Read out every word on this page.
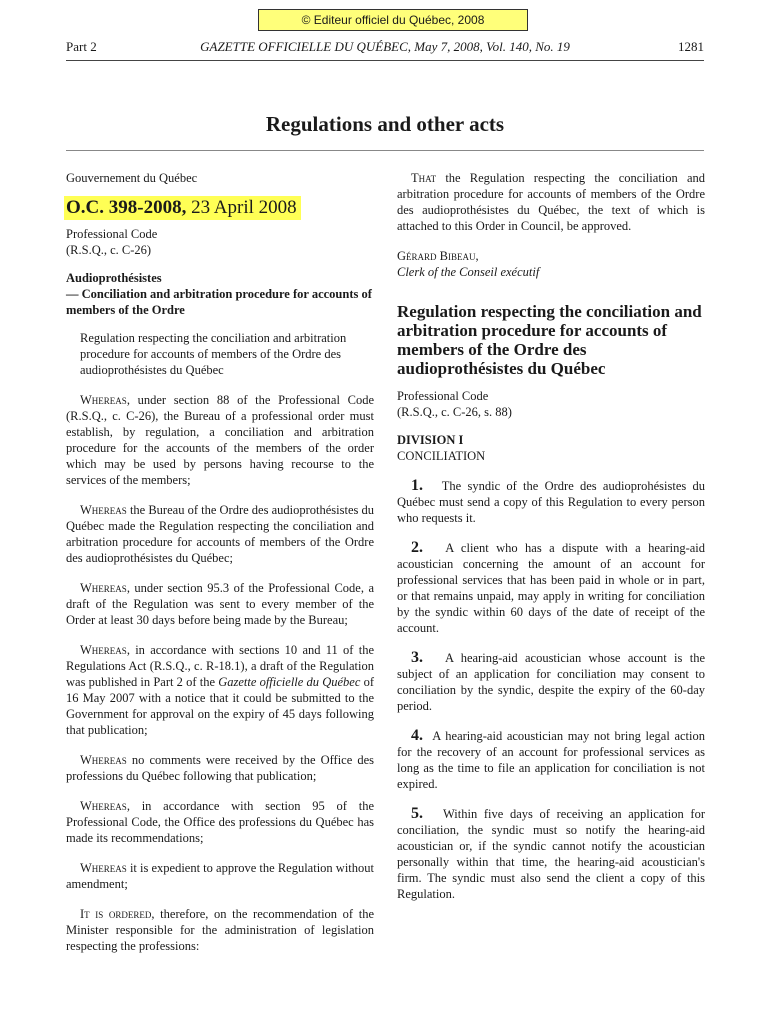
© Editeur officiel du Québec, 2008
Part 2	GAZETTE OFFICIELLE DU QUÉBEC, May 7, 2008, Vol. 140, No. 19	1281
Regulations and other acts

Gouvernement du Québec

O.C. 398-2008, 23 April 2008

Professional Code
(R.S.Q., c. C-26)

Audioprothésistes
— Conciliation and arbitration procedure for accounts of members of the Ordre

Regulation respecting the conciliation and arbitration procedure for accounts of members of the Ordre des audioprothésistes du Québec

Whereas, under section 88 of the Professional Code (R.S.Q., c. C-26), the Bureau of a professional order must establish, by regulation, a conciliation and arbitration procedure for the accounts of the members of the order which may be used by persons having recourse to the services of the members;

Whereas the Bureau of the Ordre des audioprothésistes du Québec made the Regulation respecting the conciliation and arbitration procedure for accounts of members of the Ordre des audioprothésistes du Québec;

Whereas, under section 95.3 of the Professional Code, a draft of the Regulation was sent to every member of the Order at least 30 days before being made by the Bureau;

Whereas, in accordance with sections 10 and 11 of the Regulations Act (R.S.Q., c. R-18.1), a draft of the Regulation was published in Part 2 of the Gazette officielle du Québec of 16 May 2007 with a notice that it could be submitted to the Government for approval on the expiry of 45 days following that publication;

Whereas no comments were received by the Office des professions du Québec following that publication;

Whereas, in accordance with section 95 of the Professional Code, the Office des professions du Québec has made its recommendations;

Whereas it is expedient to approve the Regulation without amendment;

It is ordered, therefore, on the recommendation of the Minister responsible for the administration of legislation respecting the professions:

That the Regulation respecting the conciliation and arbitration procedure for accounts of members of the Ordre des audioprothésistes du Québec, the text of which is attached to this Order in Council, be approved.

Gérard Bibeau,
Clerk of the Conseil exécutif

Regulation respecting the conciliation and arbitration procedure for accounts of members of the Ordre des audioprothésistes du Québec

Professional Code
(R.S.Q., c. C-26, s. 88)

DIVISION I
CONCILIATION

1. The syndic of the Ordre des audioprohésistes du Québec must send a copy of this Regulation to every person who requests it.

2. A client who has a dispute with a hearing-aid acoustician concerning the amount of an account for professional services that has been paid in whole or in part, or that remains unpaid, may apply in writing for conciliation by the syndic within 60 days of the date of receipt of the account.

3. A hearing-aid acoustician whose account is the subject of an application for conciliation may consent to conciliation by the syndic, despite the expiry of the 60-day period.

4. A hearing-aid acoustician may not bring legal action for the recovery of an account for professional services as long as the time to file an application for conciliation is not expired.

5. Within five days of receiving an application for conciliation, the syndic must so notify the hearing-aid acoustician or, if the syndic cannot notify the acoustician personally within that time, the hearing-aid acoustician's firm. The syndic must also send the client a copy of this Regulation.
